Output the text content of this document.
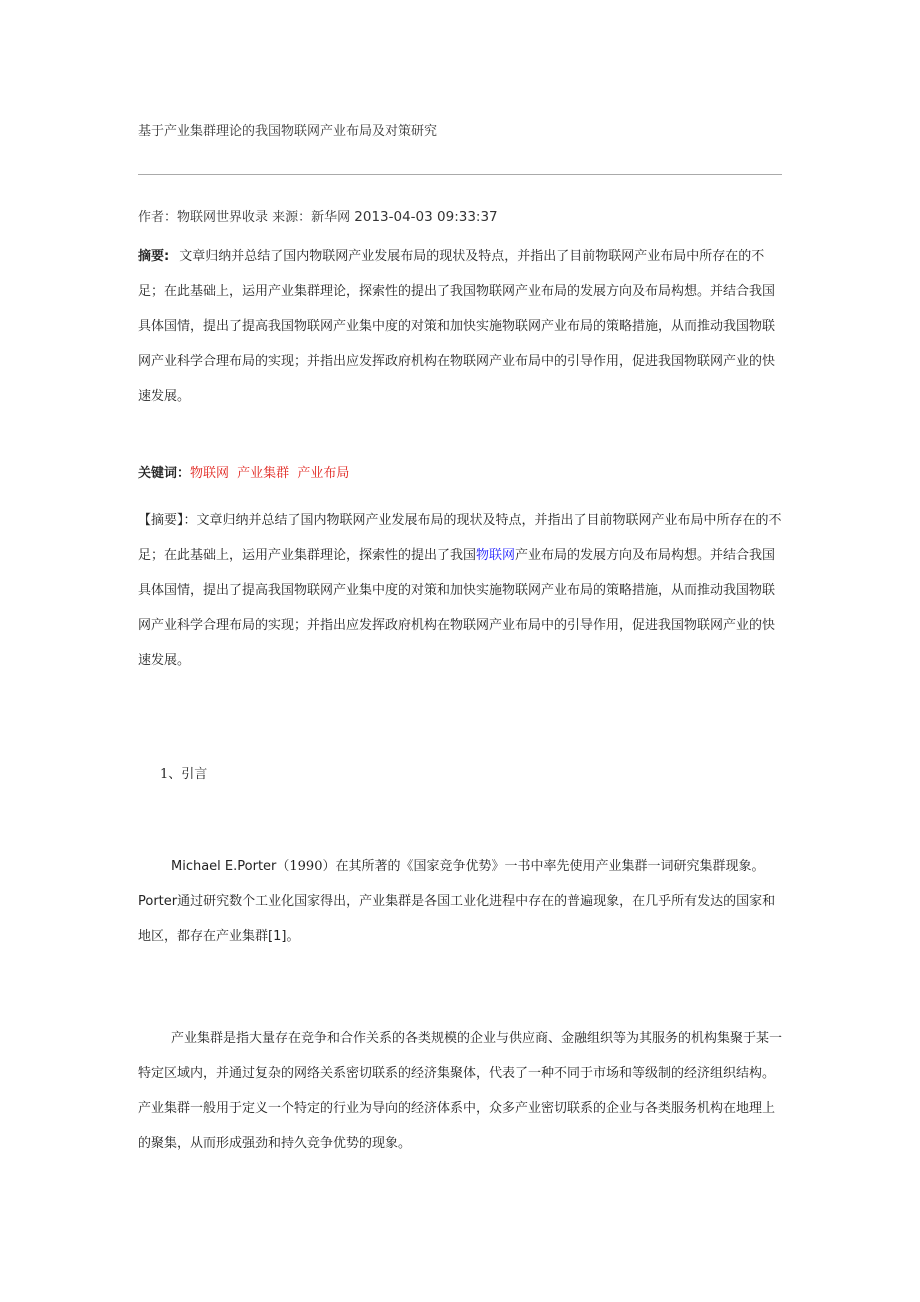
基于产业集群理论的我国物联网产业布局及对策研究
作者：物联网世界收录 来源：新华网 2013-04-03 09:33:37

摘要: 文章归纳并总结了国内物联网产业发展布局的现状及特点，并指出了目前物联网产业布局中所存在的不足；在此基础上，运用产业集群理论，探索性的提出了我国物联网产业布局的发展方向及布局构想。并结合我国具体国情，提出了提高我国物联网产业集中度的对策和加快实施物联网产业布局的策略措施，从而推动我国物联网产业科学合理布局的实现；并指出应发挥政府机构在物联网产业布局中的引导作用，促进我国物联网产业的快速发展。

关键词：物联网 产业集群 产业布局

【摘要】：文章归纳并总结了国内物联网产业发展布局的现状及特点，并指出了目前物联网产业布局中所存在的不足；在此基础上，运用产业集群理论，探索性的提出了我国物联网产业布局的发展方向及布局构想。并结合我国具体国情，提出了提高我国物联网产业集中度的对策和加快实施物联网产业布局的策略措施，从而推动我国物联网产业科学合理布局的实现；并指出应发挥政府机构在物联网产业布局中的引导作用，促进我国物联网产业的快速发展。

1、引言

Michael E.Porter（1990）在其所著的《国家竞争优势》一书中率先使用产业集群一词研究集群现象。Porter通过研究数个工业化国家得出，产业集群是各国工业化进程中存在的普遍现象，在几乎所有发达的国家和地区，都存在产业集群[1]。

产业集群是指大量存在竞争和合作关系的各类规模的企业与供应商、金融组织等为其服务的机构集聚于某一特定区域内，并通过复杂的网络关系密切联系的经济集聚体，代表了一种不同于市场和等级制的经济组织结构。产业集群一般用于定义一个特定的行业为导向的经济体系中，众多产业密切联系的企业与各类服务机构在地理上的聚集，从而形成强劲和持久竞争优势的现象。
